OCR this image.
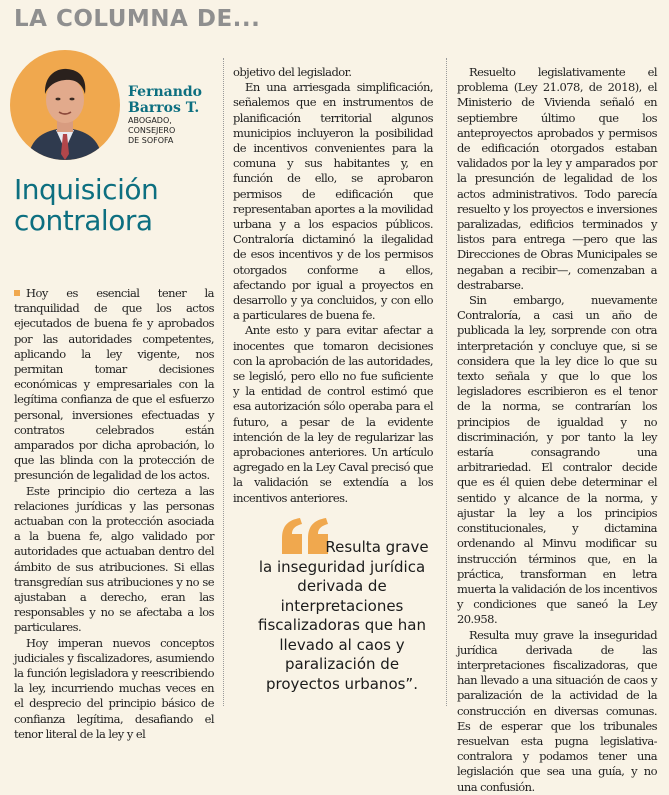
LA COLUMNA DE...
Fernando Barros T.
ABOGADO,
CONSEJERO
DE SOFOFA
Inquisición contralora

Hoy es esencial tener la tranquilidad de que los actos ejecutados de buena fe y aprobados por las autoridades competentes, aplicando la ley vigente, nos permitan tomar decisiones económicas y empresariales con la legítima confianza de que el esfuerzo personal, inversiones efectuadas y contratos celebrados están amparados por dicha aprobación, lo que las blinda con la protección de presunción de legalidad de los actos.

Este principio dio certeza a las relaciones jurídicas y las personas actuaban con la protección asociada a la buena fe, algo validado por autoridades que actuaban dentro del ámbito de sus atribuciones. Si ellas transgredían sus atribuciones y no se ajustaban a derecho, eran las responsables y no se afectaba a los particulares.

Hoy imperan nuevos conceptos judiciales y fiscalizadores, asumiendo la función legisladora y reescribiendo la ley, incurriendo muchas veces en el desprecio del principio básico de confianza legítima, desafiando el tenor literal de la ley y el

objetivo del legislador.

En una arriesgada simplificación, señalemos que en instrumentos de planificación territorial algunos municipios incluyeron la posibilidad de incentivos convenientes para la comuna y sus habitantes y, en función de ello, se aprobaron permisos de edificación que representaban aportes a la movilidad urbana y a los espacios públicos. Contraloría dictaminó la ilegalidad de esos incentivos y de los permisos otorgados conforme a ellos, afectando por igual a proyectos en desarrollo y ya concluidos, y con ello a particulares de buena fe.

Ante esto y para evitar afectar a inocentes que tomaron decisiones con la aprobación de las autoridades, se legisló, pero ello no fue suficiente y la entidad de control estimó que esa autorización sólo operaba para el futuro, a pesar de la evidente intención de la ley de regularizar las aprobaciones anteriores. Un artículo agregado en la Ley Caval precisó que la validación se extendía a los incentivos anteriores.

Resulta grave la inseguridad jurídica derivada de interpretaciones fiscalizadoras que han llevado al caos y paralización de proyectos urbanos”.

Resuelto legislativamente el problema (Ley 21.078, de 2018), el Ministerio de Vivienda señaló en septiembre último que los anteproyectos aprobados y permisos de edificación otorgados estaban validados por la ley y amparados por la presunción de legalidad de los actos administrativos. Todo parecía resuelto y los proyectos e inversiones paralizadas, edificios terminados y listos para entrega —pero que las Direcciones de Obras Municipales se negaban a recibir—, comenzaban a destrabarse.

Sin embargo, nuevamente Contraloría, a casi un año de publicada la ley, sorprende con otra interpretación y concluye que, si se considera que la ley dice lo que su texto señala y que lo que los legisladores escribieron es el tenor de la norma, se contrarían los principios de igualdad y no discriminación, y por tanto la ley estaría consagrando una arbitrariedad. El contralor decide que es él quien debe determinar el sentido y alcance de la norma, y ajustar la ley a los principios constitucionales, y dictamina ordenando al Minvu modificar su instrucción términos que, en la práctica, transforman en letra muerta la validación de los incentivos y condiciones que saneó la Ley 20.958.

Resulta muy grave la inseguridad jurídica derivada de las interpretaciones fiscalizadoras, que han llevado a una situación de caos y paralización de la actividad de la construcción en diversas comunas. Es de esperar que los tribunales resuelvan esta pugna legislativa-contralora y podamos tener una legislación que sea una guía, y no una confusión.
